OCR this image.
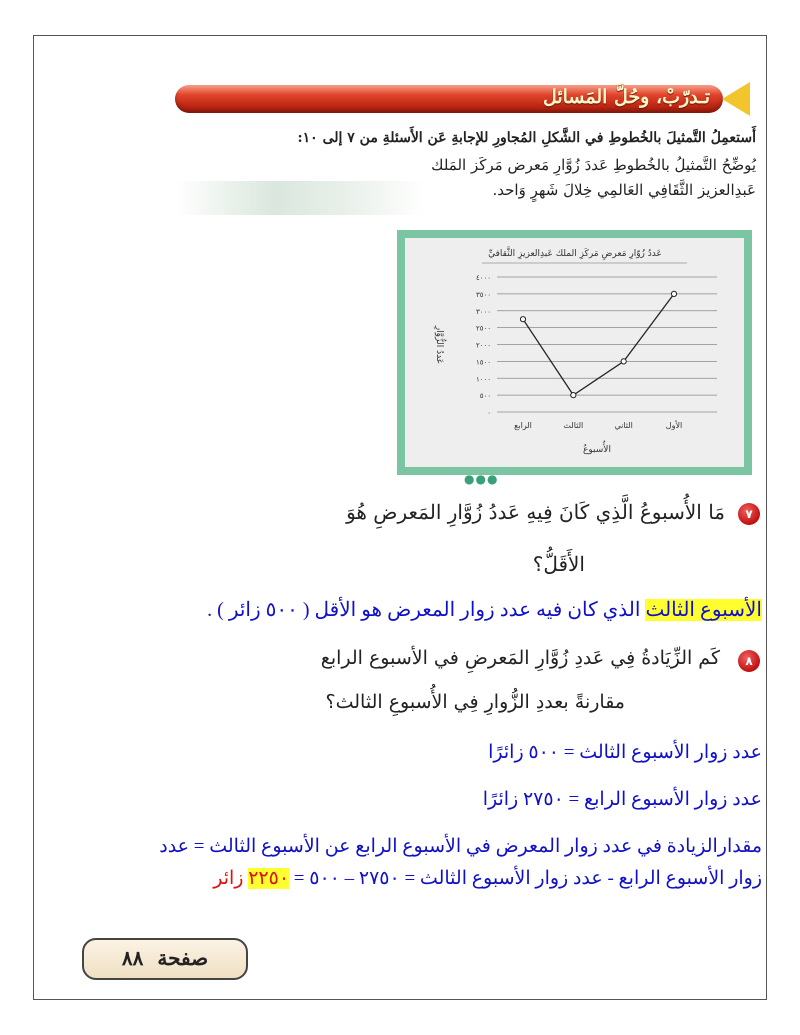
تـدرّبْ، وحُلَّ المَسائل
أَستعمِلُ التَّمثيلَ بالخُطوطِ في الشَّكلِ المُجاورِ للإجابةِ عَن الأَسئلةِ من ٧ إلى ١٠:
يُوضِّحُ التَّمثيلُ بالخُطوطِ عَددَ زُوَّارِ مَعرض مَركَز المَلك
عَبدِالعزيز الثَّقَافِي العَالمِي خِلالَ شَهرٍ وَاحد.
عَددُ زُوّارِ مَعرضِ مَركَزِ الملك عَبدِالعزيزِ الثَّقافيِّ
٠
٥٠٠
١٠٠٠
١٥٠٠
٢٠٠٠
٢٥٠٠
٣٠٠٠
٣٥٠٠
٤٠٠٠
عَددُ الزُّوَّارِ
الأول
الثاني
الثالث
الرابع
الأُسبوعُ
●●●
٧
مَا الأُسبوعُ الَّذِي كَانَ فِيهِ عَددُ زُوَّارِ المَعرضِ هُوَ
الأَقَلُّ؟
الأسبوع الثالث الذي كان فيه عدد زوار المعرض هو الأقل ( ٥٠٠ زائر ) .
٨
كَم الزِّيَادةُ فِي عَددِ زُوَّارِ المَعرضِ في الأسبوع الرابع
مقارنةً بعددِ الزُّوارِ فِي الأُسبوعِ الثالث؟
عدد زوار الأسبوع الثالث = ٥٠٠ زائرًا
عدد زوار الأسبوع الرابع = ٢٧٥٠ زائرًا
مقدارالزيادة في عدد زوار المعرض في الأسبوع الرابع عن الأسبوع الثالث = عدد
زوار الأسبوع الرابع - عدد زوار الأسبوع الثالث = ٢٧٥٠ – ٥٠٠ = ٢٢٥٠ زائر
صفحة  ٨٨
